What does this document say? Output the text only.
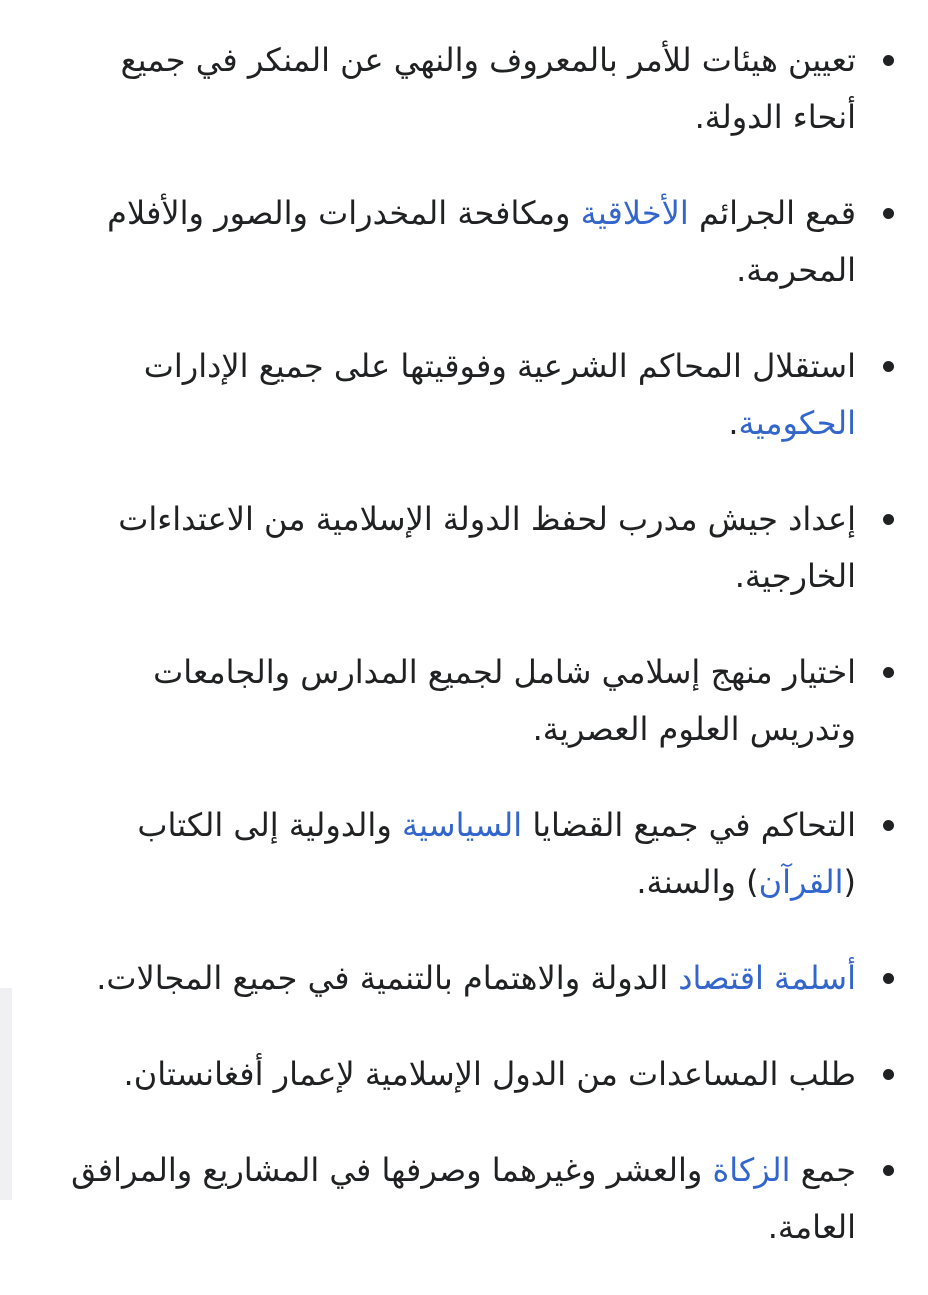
تعيين هيئات للأمر بالمعروف والنهي عن المنكر في جميع أنحاء الدولة.
قمع الجرائم الأخلاقية ومكافحة المخدرات والصور والأفلام المحرمة.
استقلال المحاكم الشرعية وفوقيتها على جميع الإدارات الحكومية.
إعداد جيش مدرب لحفظ الدولة الإسلامية من الاعتداءات الخارجية.
اختيار منهج إسلامي شامل لجميع المدارس والجامعات وتدريس العلوم العصرية.
التحاكم في جميع القضايا السياسية والدولية إلى الكتاب (القرآن) والسنة.
أسلمة اقتصاد الدولة والاهتمام بالتنمية في جميع المجالات.
طلب المساعدات من الدول الإسلامية لإعمار أفغانستان.
جمع الزكاة والعشر وغيرهما وصرفها في المشاريع والمرافق العامة.
